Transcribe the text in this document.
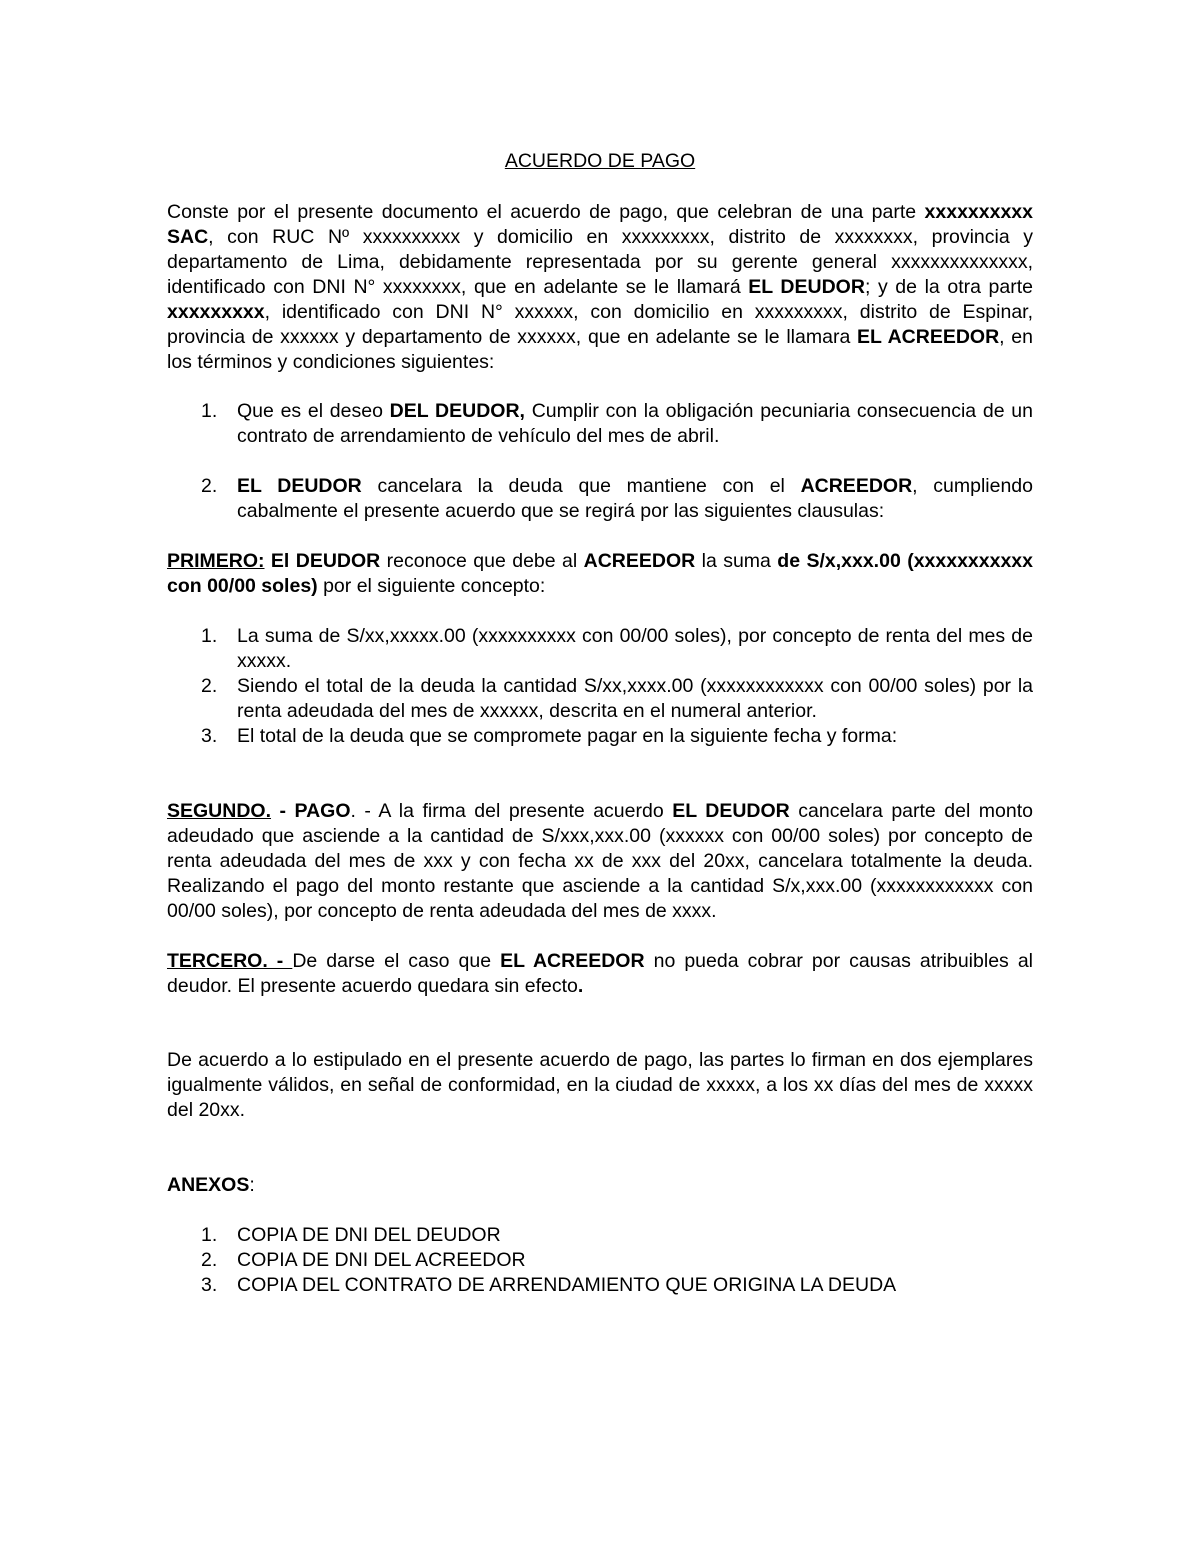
ACUERDO DE PAGO

Conste por el presente documento el acuerdo de pago, que celebran de una parte xxxxxxxxxx SAC, con RUC Nº xxxxxxxxxx y domicilio en xxxxxxxxx, distrito de xxxxxxxx, provincia y departamento de Lima, debidamente representada por su gerente general xxxxxxxxxxxxxx, identificado con DNI N° xxxxxxxx, que en adelante se le llamará EL DEUDOR; y de la otra parte xxxxxxxxx, identificado con DNI N° xxxxxx, con domicilio en xxxxxxxxx, distrito de Espinar, provincia de xxxxxx y departamento de xxxxxx, que en adelante se le llamara EL ACREEDOR, en los términos y condiciones siguientes:

1. Que es el deseo DEL DEUDOR, Cumplir con la obligación pecuniaria consecuencia de un contrato de arrendamiento de vehículo del mes de abril.
2. EL DEUDOR cancelara la deuda que mantiene con el ACREEDOR, cumpliendo cabalmente el presente acuerdo que se regirá por las siguientes clausulas:

PRIMERO: El DEUDOR reconoce que debe al ACREEDOR la suma de S/x,xxx.00 (xxxxxxxxxxx con 00/00 soles) por el siguiente concepto:

1. La suma de S/xx,xxxxx.00 (xxxxxxxxxx con 00/00 soles), por concepto de renta del mes de xxxxx.
2. Siendo el total de la deuda la cantidad S/xx,xxxx.00 (xxxxxxxxxxxx con 00/00 soles) por la renta adeudada del mes de xxxxxx, descrita en el numeral anterior.
3. El total de la deuda que se compromete pagar en la siguiente fecha y forma:

SEGUNDO. - PAGO. - A la firma del presente acuerdo EL DEUDOR cancelara parte del monto adeudado que asciende a la cantidad de S/xxx,xxx.00 (xxxxxx con 00/00 soles) por concepto de renta adeudada del mes de xxx y con fecha xx de xxx del 20xx, cancelara totalmente la deuda. Realizando el pago del monto restante que asciende a la cantidad S/x,xxx.00 (xxxxxxxxxxxx con 00/00 soles), por concepto de renta adeudada del mes de xxxx.

TERCERO. - De darse el caso que EL ACREEDOR no pueda cobrar por causas atribuibles al deudor. El presente acuerdo quedara sin efecto.

De acuerdo a lo estipulado en el presente acuerdo de pago, las partes lo firman en dos ejemplares igualmente válidos, en señal de conformidad, en la ciudad de xxxxx, a los xx días del mes de xxxxx del 20xx.

ANEXOS:

1. COPIA DE DNI DEL DEUDOR
2. COPIA DE DNI DEL ACREEDOR
3. COPIA DEL CONTRATO DE ARRENDAMIENTO QUE ORIGINA LA DEUDA
